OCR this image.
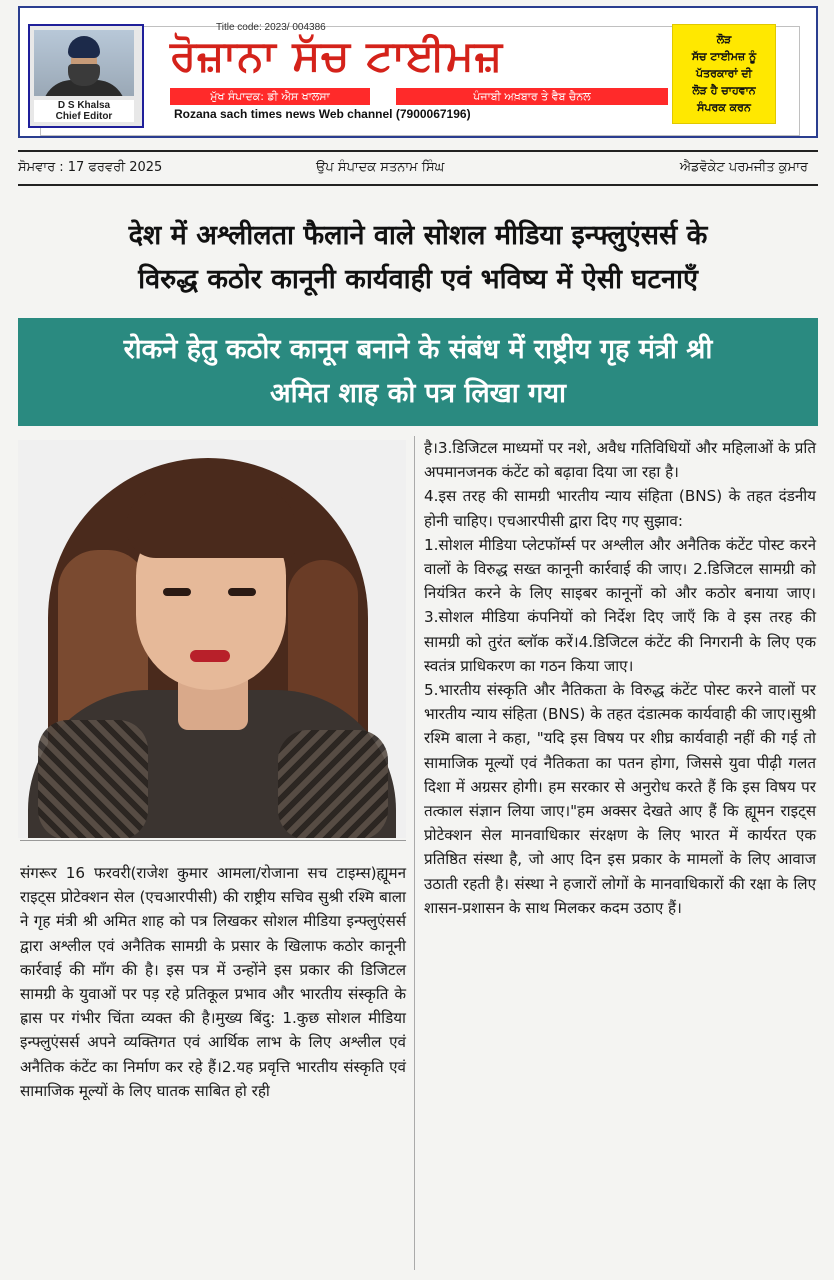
D S Khalsa
Chief Editor
Title code: 2023/ 004386
ਰੋਜ਼ਾਨਾ ਸੱਚ ਟਾਈਮਜ਼
ਮੁੱਖ ਸੰਪਾਦਕ: ਡੀ ਐਸ ਖਾਲਸਾ	ਪੰਜਾਬੀ ਅਖ਼ਬਾਰ ਤੇ ਵੈਬ ਚੈਨਲ
Rozana sach times news Web channel (7900067196)
ਲੋੜ
ਸੱਚ ਟਾਈਮਜ਼ ਨੂੰ
ਪੱਤਰਕਾਰਾਂ ਦੀ
ਲੋੜ ਹੈ ਚਾਹਵਾਨ
ਸੰਪਰਕ ਕਰਨ
ਸੋਮਵਾਰ : 17 ਫਰਵਰੀ 2025	ਉਪ ਸੰਪਾਦਕ ਸਤਨਾਮ ਸਿੰਘ	ਐਡਵੋਕੇਟ ਪਰਮਜੀਤ ਕੁਮਾਰ
देश में अश्लीलता फैलाने वाले सोशल मीडिया इन्फ्लुएंसर्स के
विरुद्ध कठोर कानूनी कार्यवाही एवं भविष्य में ऐसी घटनाएँ
रोकने हेतु कठोर कानून बनाने के संबंध में राष्ट्रीय गृह मंत्री श्री
अमित शाह को पत्र लिखा गया
संगरूर 16 फरवरी(राजेश कुमार आमला/रोजाना सच टाइम्स)ह्यूमन राइट्स प्रोटेक्शन सेल (एचआरपीसी) की राष्ट्रीय सचिव सुश्री रश्मि बाला ने गृह मंत्री श्री अमित शाह को पत्र लिखकर सोशल मीडिया इन्फ्लुएंसर्स द्वारा अश्लील एवं अनैतिक सामग्री के प्रसार के खिलाफ कठोर कानूनी कार्रवाई की माँग की है। इस पत्र में उन्होंने इस प्रकार की डिजिटल सामग्री के युवाओं पर पड़ रहे प्रतिकूल प्रभाव और भारतीय संस्कृति के ह्रास पर गंभीर चिंता व्यक्त की है।मुख्य बिंदु: 1.कुछ सोशल मीडिया इन्फ्लुएंसर्स अपने व्यक्तिगत एवं आर्थिक लाभ के लिए अश्लील एवं अनैतिक कंटेंट का निर्माण कर रहे हैं।2.यह प्रवृत्ति भारतीय संस्कृति एवं सामाजिक मूल्यों के लिए घातक साबित हो रही
है।3.डिजिटल माध्यमों पर नशे, अवैध गतिविधियों और महिलाओं के प्रति अपमानजनक कंटेंट को बढ़ावा दिया जा रहा है।
4.इस तरह की सामग्री भारतीय न्याय संहिता (BNS) के तहत दंडनीय होनी चाहिए। एचआरपीसी द्वारा दिए गए सुझाव:
1.सोशल मीडिया प्लेटफॉर्म्स पर अश्लील और अनैतिक कंटेंट पोस्ट करने वालों के विरुद्ध सख्त कानूनी कार्रवाई की जाए। 2.डिजिटल सामग्री को नियंत्रित करने के लिए साइबर कानूनों को और कठोर बनाया जाए।3.सोशल मीडिया कंपनियों को निर्देश दिए जाएँ कि वे इस तरह की सामग्री को तुरंत ब्लॉक करें।4.डिजिटल कंटेंट की निगरानी के लिए एक स्वतंत्र प्राधिकरण का गठन किया जाए।
5.भारतीय संस्कृति और नैतिकता के विरुद्ध कंटेंट पोस्ट करने वालों पर भारतीय न्याय संहिता (BNS) के तहत दंडात्मक कार्यवाही की जाए।सुश्री रश्मि बाला ने कहा, "यदि इस विषय पर शीघ्र कार्यवाही नहीं की गई तो सामाजिक मूल्यों एवं नैतिकता का पतन होगा, जिससे युवा पीढ़ी गलत दिशा में अग्रसर होगी। हम सरकार से अनुरोध करते हैं कि इस विषय पर तत्काल संज्ञान लिया जाए।"हम अक्सर देखते आए हैं कि ह्यूमन राइट्स प्रोटेक्शन सेल मानवाधिकार संरक्षण के लिए भारत में कार्यरत एक प्रतिष्ठित संस्था है, जो आए दिन इस प्रकार के मामलों के लिए आवाज उठाती रहती है। संस्था ने हजारों लोगों के मानवाधिकारों की रक्षा के लिए शासन-प्रशासन के साथ मिलकर कदम उठाए हैं।
